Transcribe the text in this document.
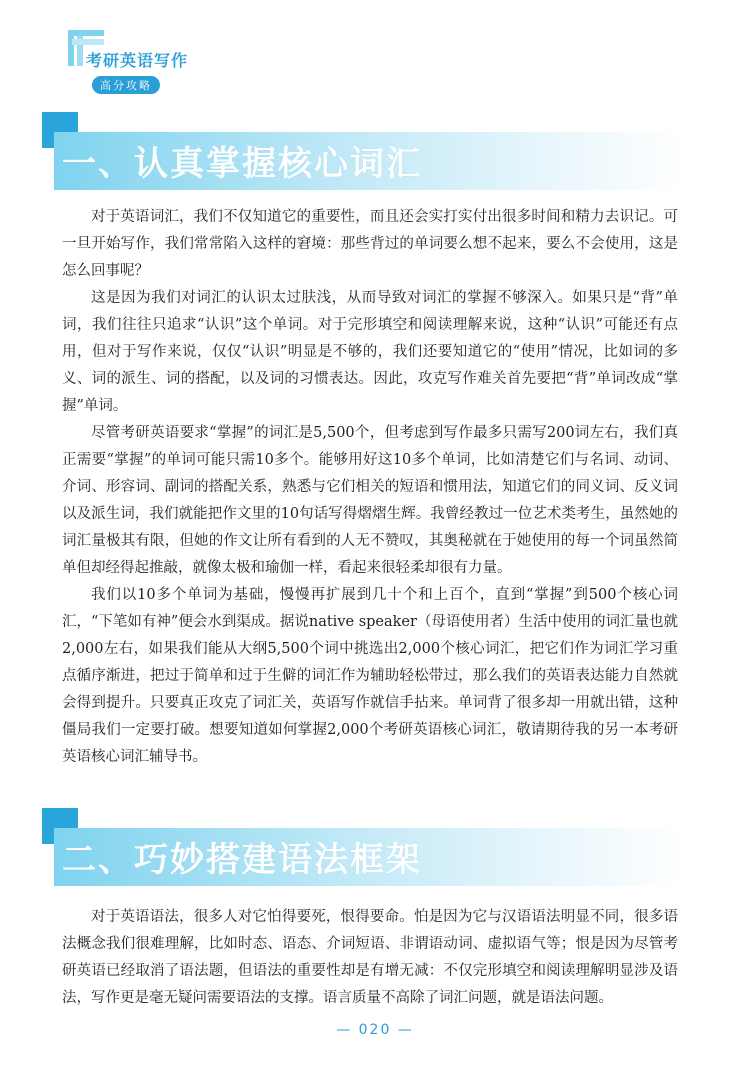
考研英语写作
高分攻略
一、认真掌握核心词汇

对于英语词汇，我们不仅知道它的重要性，而且还会实打实付出很多时间和精力去识记。可一旦开始写作，我们常常陷入这样的窘境：那些背过的单词要么想不起来，要么不会使用，这是怎么回事呢？

这是因为我们对词汇的认识太过肤浅，从而导致对词汇的掌握不够深入。如果只是“背”单词，我们往往只追求“认识”这个单词。对于完形填空和阅读理解来说，这种“认识”可能还有点用，但对于写作来说，仅仅“认识”明显是不够的，我们还要知道它的“使用”情况，比如词的多义、词的派生、词的搭配，以及词的习惯表达。因此，攻克写作难关首先要把“背”单词改成“掌握”单词。

尽管考研英语要求“掌握”的词汇是5,500个，但考虑到写作最多只需写200词左右，我们真正需要“掌握”的单词可能只需10多个。能够用好这10多个单词，比如清楚它们与名词、动词、介词、形容词、副词的搭配关系，熟悉与它们相关的短语和惯用法，知道它们的同义词、反义词以及派生词，我们就能把作文里的10句话写得熠熠生辉。我曾经教过一位艺术类考生，虽然她的词汇量极其有限，但她的作文让所有看到的人无不赞叹，其奥秘就在于她使用的每一个词虽然简单但却经得起推敲，就像太极和瑜伽一样，看起来很轻柔却很有力量。

我们以10多个单词为基础，慢慢再扩展到几十个和上百个，直到“掌握”到500个核心词汇，“下笔如有神”便会水到渠成。据说native speaker（母语使用者）生活中使用的词汇量也就2,000左右，如果我们能从大纲5,500个词中挑选出2,000个核心词汇，把它们作为词汇学习重点循序渐进，把过于简单和过于生僻的词汇作为辅助轻松带过，那么我们的英语表达能力自然就会得到提升。只要真正攻克了词汇关，英语写作就信手拈来。单词背了很多却一用就出错，这种僵局我们一定要打破。想要知道如何掌握2,000个考研英语核心词汇，敬请期待我的另一本考研英语核心词汇辅导书。

二、巧妙搭建语法框架

对于英语语法，很多人对它怕得要死，恨得要命。怕是因为它与汉语语法明显不同，很多语法概念我们很难理解，比如时态、语态、介词短语、非谓语动词、虚拟语气等；恨是因为尽管考研英语已经取消了语法题，但语法的重要性却是有增无减：不仅完形填空和阅读理解明显涉及语法，写作更是毫无疑问需要语法的支撑。语言质量不高除了词汇问题，就是语法问题。

— 020 —
